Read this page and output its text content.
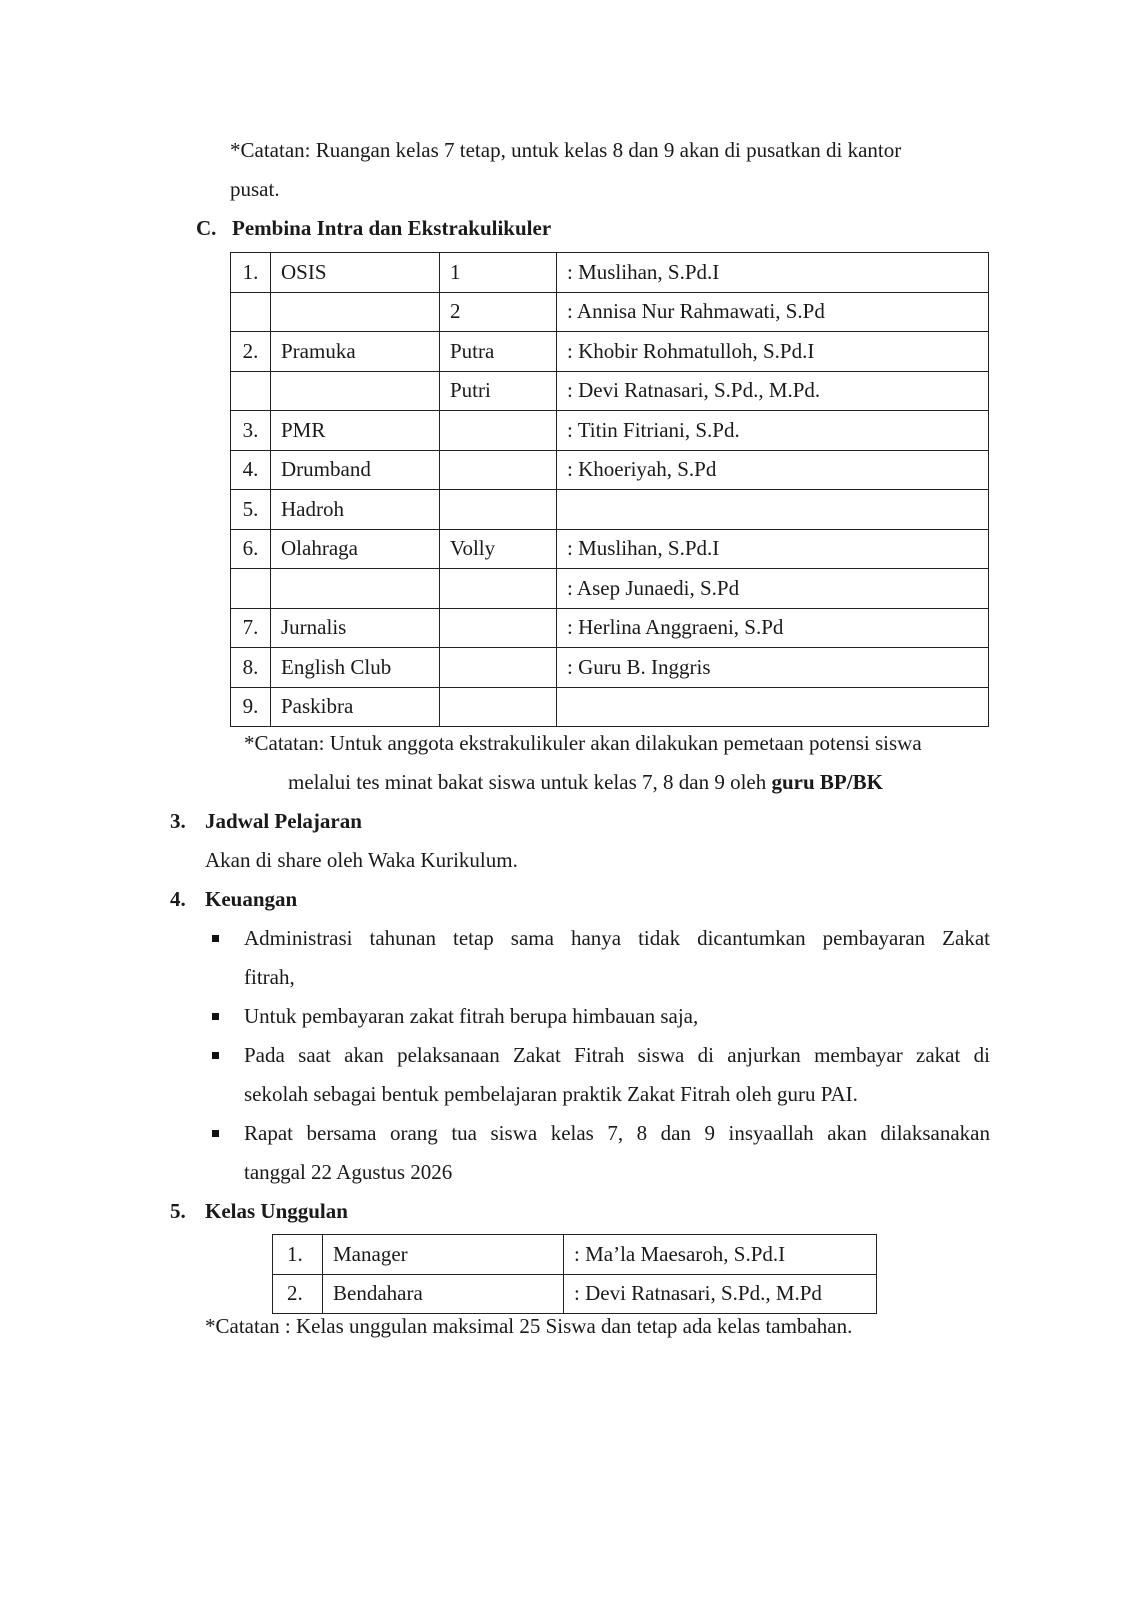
*Catatan: Ruangan kelas 7 tetap, untuk kelas 8 dan 9 akan di pusatkan di kantor
pusat.
C. Pembina Intra dan Ekstrakulikuler
1.	OSIS	1	: Muslihan, S.Pd.I
		2	: Annisa Nur Rahmawati, S.Pd
2.	Pramuka	Putra	: Khobir Rohmatulloh, S.Pd.I
		Putri	: Devi Ratnasari, S.Pd., M.Pd.
3.	PMR		: Titin Fitriani, S.Pd.
4.	Drumband		: Khoeriyah, S.Pd
5.	Hadroh		
6.	Olahraga	Volly	: Muslihan, S.Pd.I
			: Asep Junaedi, S.Pd
7.	Jurnalis		: Herlina Anggraeni, S.Pd
8.	English Club		: Guru B. Inggris
9.	Paskibra		
*Catatan: Untuk anggota ekstrakulikuler akan dilakukan pemetaan potensi siswa
melalui tes minat bakat siswa untuk kelas 7, 8 dan 9 oleh guru BP/BK
3. Jadwal Pelajaran
Akan di share oleh Waka Kurikulum.
4. Keuangan
Administrasi tahunan tetap sama hanya tidak dicantumkan pembayaran Zakat
fitrah,
Untuk pembayaran zakat fitrah berupa himbauan saja,
Pada saat akan pelaksanaan Zakat Fitrah siswa di anjurkan membayar zakat di
sekolah sebagai bentuk pembelajaran praktik Zakat Fitrah oleh guru PAI.
Rapat bersama orang tua siswa kelas 7, 8 dan 9 insyaallah akan dilaksanakan
tanggal 22 Agustus 2026
5. Kelas Unggulan
1.	Manager	: Ma’la Maesaroh, S.Pd.I
2.	Bendahara	: Devi Ratnasari, S.Pd., M.Pd
*Catatan : Kelas unggulan maksimal 25 Siswa dan tetap ada kelas tambahan.
